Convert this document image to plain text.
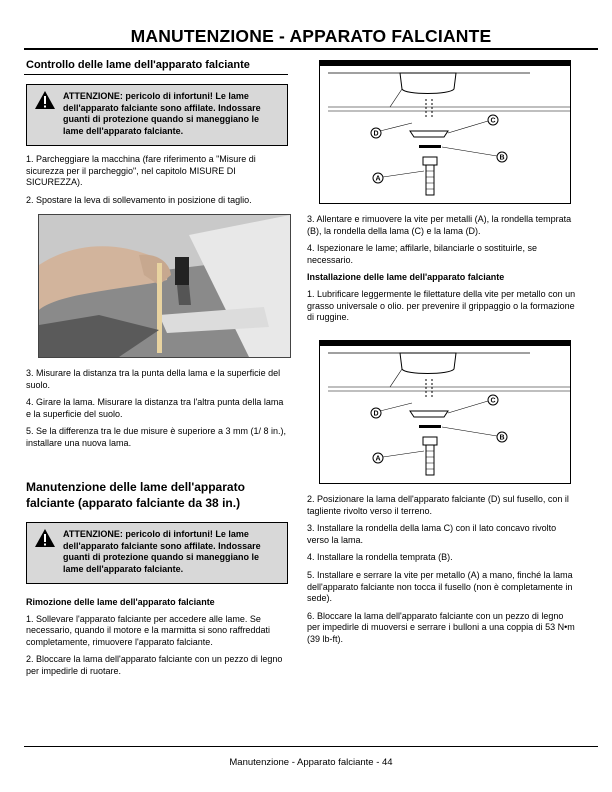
MANUTENZIONE - APPARATO FALCIANTE
Controllo delle lame dell'apparato falciante
ATTENZIONE: pericolo di infortuni! Le lame dell'apparato falciante sono affilate. Indossare guanti di protezione quando si maneggiano le lame dell'apparato falciante.

1. Parcheggiare la macchina (fare riferimento a "Misure di sicurezza per il parcheggio", nel capitolo MISURE DI SICUREZZA).

2. Spostare la leva di sollevamento in posizione di taglio.

3. Misurare la distanza tra la punta della lama e la superficie del suolo.

4. Girare la lama. Misurare la distanza tra l'altra punta della lama e la superficie del suolo.

5. Se la differenza tra le due misure è superiore a 3 mm (1/ 8 in.), installare una nuova lama.

Manutenzione delle lame dell'apparato falciante (apparato falciante da 38 in.)
ATTENZIONE: pericolo di infortuni! Le lame dell'apparato falciante sono affilate. Indossare guanti di protezione quando si maneggiano le lame dell'apparato falciante.
Rimozione delle lame dell'apparato falciante

1. Sollevare l'apparato falciante per accedere alle lame. Se necessario, quando il motore e la marmitta si sono raffreddati completamente, rimuovere l'apparato falciante.

2. Bloccare la lama dell'apparato falciante con un pezzo di legno per impedirle di ruotare.

D
C
B
A

3. Allentare e rimuovere la vite per metalli (A), la rondella temprata (B), la rondella della lama (C) e la lama (D).

4. Ispezionare le lame; affilarle, bilanciarle o sostituirle, se necessario.

Installazione delle lame dell'apparato falciante

1. Lubrificare leggermente le filettature della vite per metallo con un grasso universale o olio. per prevenire il grippaggio o la formazione di ruggine.

D
C
B
A

2. Posizionare la lama dell'apparato falciante (D) sul fusello, con il tagliente rivolto verso il terreno.

3. Installare la rondella della lama C) con il lato concavo rivolto verso la lama.

4. Installare la rondella temprata (B).

5. Installare e serrare la vite per metallo (A) a mano, finché la lama dell'apparato falciante non tocca il fusello (non è completamente in sede).

6. Bloccare la lama dell'apparato falciante con un pezzo di legno per impedirle di muoversi e serrare i bulloni a una coppia di 53 N•m (39 lb-ft).

Manutenzione - Apparato falciante - 44
